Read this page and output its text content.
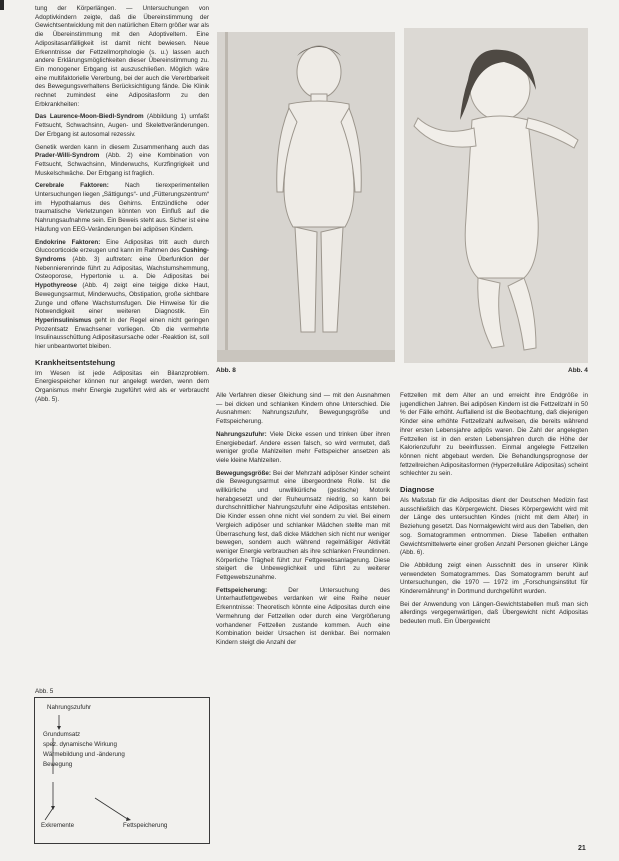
tung der Körperlängen. — Untersuchungen von Adoptivkindern zeigte, daß die Übereinstimmung der Gewichtsentwicklung mit den natürlichen Eltern größer war als die Übereinstimmung mit den Adoptiveltern. Eine Adipositasanfälligkeit ist damit nicht bewiesen. Neue Erkenntnisse der Fettzellmorphologie (s. u.) lassen auch andere Erklärungsmöglichkeiten dieser Übereinstimmung zu. Ein monogener Erbgang ist auszuschließen. Möglich wäre eine multifaktorielle Vererbung, bei der auch die Vererbbarkeit des Bewegungsverhaltens Berücksichtigung fände. Die Klinik rechnet zumindest eine Adipositasform zu den Erbkrankheiten:

Das Laurence-Moon-Biedl-Syndrom (Abbildung 1) umfaßt Fettsucht, Schwachsinn, Augen- und Skelettveränderungen. Der Erbgang ist autosomal rezessiv.

Genetik werden kann in diesem Zusammenhang auch das Prader-Willi-Syndrom (Abb. 2) eine Kombination von Fettsucht, Schwachsinn, Minderwuchs, Kurzfingrigkeit und Muskelschwäche. Der Erbgang ist fraglich.

Cerebrale Faktoren: Nach tierexperimentellen Untersuchungen liegen „Sättigungs“- und „Fütterungszentrum“ im Hypothalamus des Gehirns. Entzündliche oder traumatische Verletzungen könnten von Einfluß auf die Nahrungsaufnahme sein. Ein Beweis steht aus. Sicher ist eine Häufung von EEG-Veränderungen bei adipösen Kindern.

Endokrine Faktoren: Eine Adipositas tritt auch durch Glucocorticoide erzeugen und kann im Rahmen des Cushing-Syndroms (Abb. 3) auftreten: eine Überfunktion der Nebennierenrinde führt zu Adipositas, Wachstumshemmung, Osteoporose, Hypertonie u. a. Die Adipositas bei Hypothyreose (Abb. 4) zeigt eine teigige dicke Haut, Bewegungsarmut, Minderwuchs, Obstipation, große sichtbare Zunge und offene Wachstumsfugen. Die Hinweise für die Notwendigkeit einer weiteren Diagnostik. Ein Hyperinsulinismus geht in der Regel einen nicht geringen Prozentsatz Erwachsener vorliegen. Ob die vermehrte Insulinausschüttung Adipositasursache oder -Reaktion ist, soll hier unbeantwortet bleiben.

Krankheitsentstehung

Im Wesen ist jede Adipositas ein Bilanzproblem. Energiespeicher können nur angelegt werden, wenn dem Organismus mehr Energie zugeführt wird als er verbraucht (Abb. 5).

Abb. 5
Nahrungszufuhr
Grundumsatz
spez. dynamische Wirkung
Wärmebildung und -änderung
Bewegung
Exkremente	Fettspeicherung
Abb. 8	Abb. 4

Alle Verfahren dieser Gleichung sind — mit den Ausnahmen — bei dicken und schlanken Kindern ohne Unterschied. Die Ausnahmen: Nahrungszufuhr, Bewegungsgröße und Fettspeicherung.

Nahrungszufuhr: Viele Dicke essen und trinken über ihren Energiebedarf. Andere essen falsch, so wird vermutet, daß weniger große Mahlzeiten mehr Fettspeicher ansetzen als viele kleine Mahlzeiten.

Bewegungsgröße: Bei der Mehrzahl adipöser Kinder scheint die Bewegungsarmut eine übergeordnete Rolle. Ist die willkürliche und unwillkürliche (gestische) Motorik herabgesetzt und der Ruheumsatz niedrig, so kann bei durchschnittlicher Nahrungszufuhr eine Adipositas entstehen. Die Kinder essen ohne nicht viel sondern zu viel. Bei einem Vergleich adipöser und schlanker Mädchen stellte man mit Überraschung fest, daß dicke Mädchen sich nicht nur weniger bewegen, sondern auch während regelmäßiger Aktivität weniger Energie verbrauchen als ihre schlanken Freundinnen. Körperliche Trägheit führt zur Fettgewebsanlagerung. Diese steigert die Unbeweglichkeit und führt zu weiterer Fettgewebszunahme.

Fettspeicherung: Der Untersuchung des Unterhautfettgewebes verdanken wir eine Reihe neuer Erkenntnisse: Theoretisch könnte eine Adipositas durch eine Vermehrung der Fettzellen oder durch eine Vergrößerung vorhandener Fettzellen zustande kommen. Auch eine Kombination beider Ursachen ist denkbar. Bei normalen Kindern steigt die Anzahl der

Fettzellen mit dem Alter an und erreicht ihre Endgröße in jugendlichen Jahren. Bei adipösen Kindern ist die Fettzellzahl in 50 % der Fälle erhöht. Auffallend ist die Beobachtung, daß diejenigen Kinder eine erhöhte Fettzellzahl aufweisen, die bereits während ihrer ersten Lebensjahre adipös waren. Die Zahl der angelegten Fettzellen ist in den ersten Lebensjahren durch die Höhe der Kalorienzufuhr zu beeinflussen. Einmal angelegte Fettzellen können nicht abgebaut werden. Die Behandlungsprognose der fettzellreichen Adipositasformen (Hyperzelluläre Adipositas) scheint schlechter zu sein.

Diagnose

Als Maßstab für die Adipositas dient der Deutschen Medizin fast ausschließlich das Körpergewicht. Dieses Körpergewicht wird mit der Länge des untersuchten Kindes (nicht mit dem Alter) in Beziehung gesetzt. Das Normalgewicht wird aus den Tabellen, den sog. Somatogrammen entnommen. Diese Tabellen enthalten Gewichtsmittelwerte einer großen Anzahl Personen gleicher Länge (Abb. 6).

Die Abbildung zeigt einen Ausschnitt des in unserer Klinik verwendeten Somatogrammes. Das Somatogramm beruht auf Untersuchungen, die 1970 — 1972 im „Forschungsinstitut für Kinderernährung“ in Dortmund durchgeführt wurden.

Bei der Anwendung von Längen-Gewichtstabellen muß man sich allerdings vergegenwärtigen, daß Übergewicht nicht Adipositas bedeuten muß. Ein Übergewicht

21
